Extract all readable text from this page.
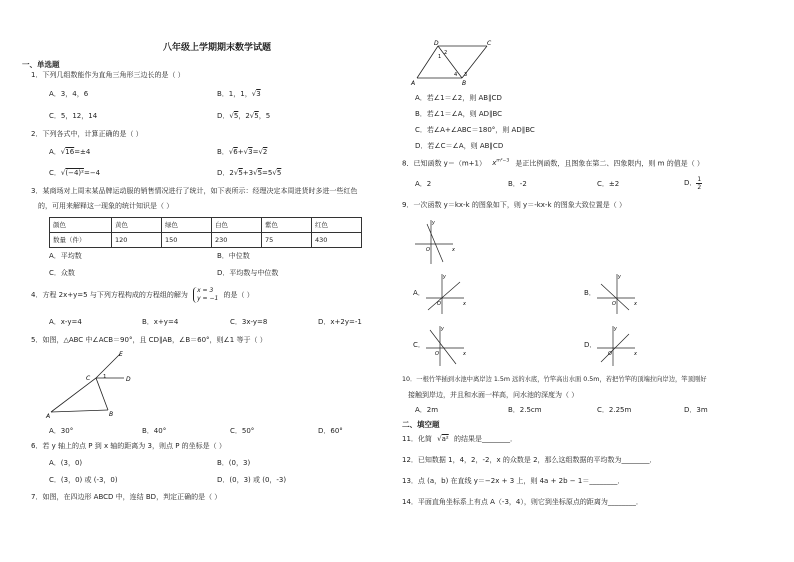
八年级上学期期末数学试题
一、单选题
1．下列几组数能作为直角三角形三边长的是（ ）
A．3，4，6	B．1，1，√3
C．5，12，14	D．√5，2√5，5
2．下列各式中，计算正确的是（ ）
A．√16=±4	B．√6+√3=√2
C．√(−4)²=−4	D．2√5+3√5=5√5
3．某商场对上周末某品牌运动服的销售情况进行了统计，如下表所示：经理决定本周进货时多进一些红色
的，可用来解释这一现象的统计知识是（ ）
颜色	黄色	绿色	白色	紫色	红色
数量（件）	120	150	230	75	430
A．平均数	B．中位数
C．众数	D．平均数与中位数
4．方程 2x+y=5 与下列方程构成的方程组的解为
x = 3
y = −1 的是（ ）
A．x-y=4	B．x+y=4	C．3x-y=8	D．x+2y=-1
5．如图，△ABC 中∠ACB＝90°，且 CD∥AB，∠B＝60°，则∠1 等于（ ）
E
C 1	D
A	B
A．30°	B．40°	C．50°	D．60°
6．若 y 轴上的点 P 到 x 轴的距离为 3，则点 P 的坐标是（ ）
A．(3，0)	B．(0，3)
C．(3，0) 或 (-3，0)	D．(0，3) 或 (0，-3)
7．如图，在四边形 ABCD 中，连结 BD，判定正确的是（ ）
D	C
A	B
1
2
3
4
A．若∠1＝∠2，则 AB∥CD
B．若∠1＝∠A，则 AD∥BC
C．若∠A+∠ABC＝180°，则 AD∥BC
D．若∠C＝∠A，则 AB∥CD
8．已知函数 y＝（m+1） $x^{m^2-3}$ 是正比例函数，且图象在第二、四象限内，则 m 的值是（ ）
A．2	B．-2	C．±2	D． $\frac{1}{2}$
9．一次函数 y＝kx-k 的图象如下，则 y＝-kx-k 的图象大致位置是（ ）
y
x
O
A．
y
x
O
B．
y
x
O
C．
y
x
O
D．
y
x
O
10．一根竹竿插到水池中离岸边 1.5m 远的水底，竹竿高出水面 0.5m，若把竹竿的顶端拉向岸边，竿顶刚好
接触到岸边，并且和水面一样高，问水池的深度为（ ）
A．2m	B．2.5cm	C．2.25m	D．3m
二、填空题
11．化简 √a² 的结果是________．
12．已知数据 1，4，2，-2，x 的众数是 2，那么这组数据的平均数为________．
13．点 (a，b) 在直线 y＝−2x + 3 上，则 4a + 2b − 1＝________．
14．平面直角坐标系上有点 A（-3，4），则它到坐标原点的距离为________．
